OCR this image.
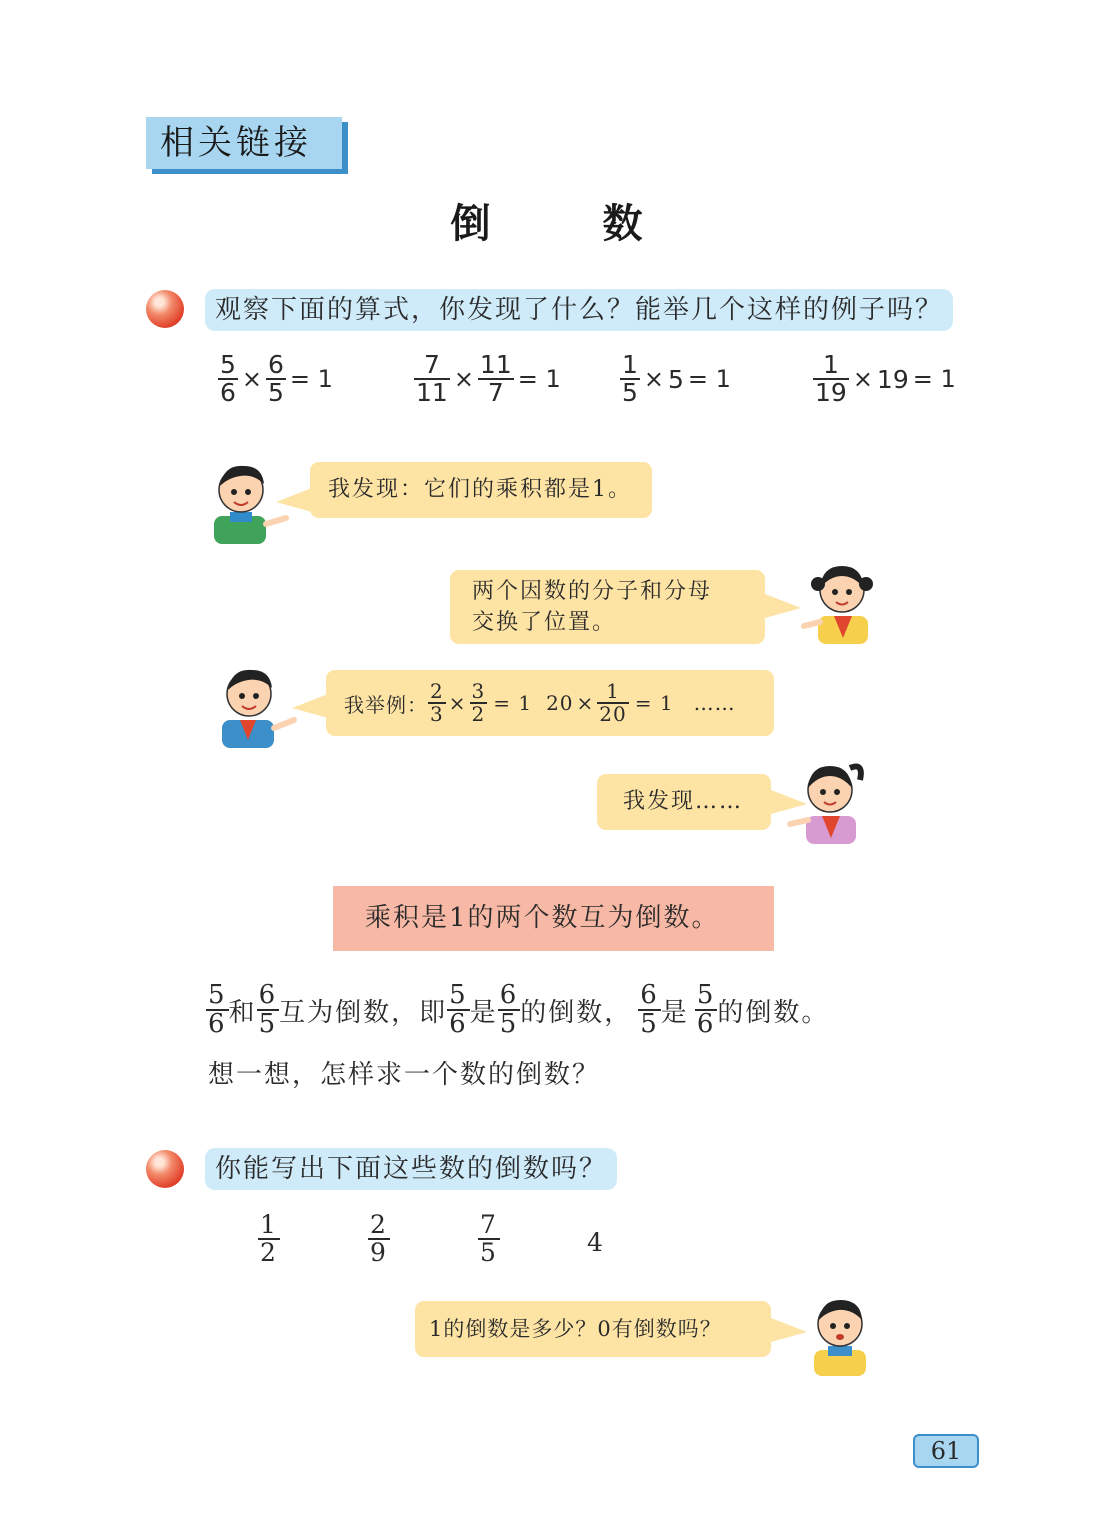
相关链接
倒　数
观察下面的算式，你发现了什么？能举几个这样的例子吗？
$\frac{5}{6} \times \frac{6}{5} = 1$	$\frac{7}{11} \times \frac{11}{7} = 1 \frac{1}{5} \times 5 = 1$	$\frac{1}{19} \times 19 = 1$
我发现：它们的乘积都是1。
两个因数的分子和分母
交换了位置。
我举例： $\frac{2}{3} \times \frac{3}{2} = 1$ $20 \times \frac{1}{20} = 1$ ……
我发现……
乘积是1的两个数互为倒数。
$\frac{5}{6}$ 和 $\frac{6}{5}$ 互为倒数，即 $\frac{5}{6}$ 是 $\frac{6}{5}$ 的倒数， $\frac{6}{5}$ 是 $\frac{5}{6}$ 的倒数。
想一想，怎样求一个数的倒数？
你能写出下面这些数的倒数吗？
$\frac{1}{2}$	$\frac{2}{9}$	$\frac{7}{5}$	4
1的倒数是多少？0有倒数吗？
61
